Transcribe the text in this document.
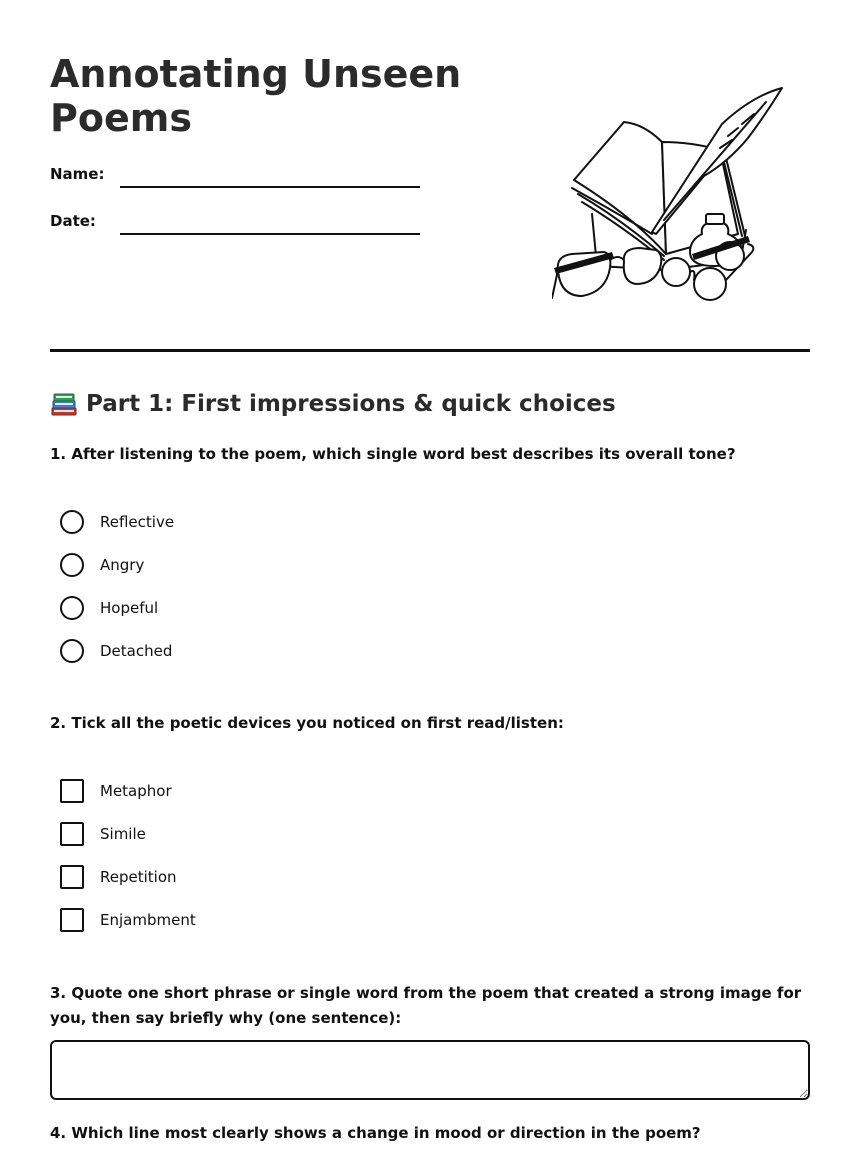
Annotating Unseen Poems
Name:
Date:
Part 1: First impressions & quick choices
1. After listening to the poem, which single word best describes its overall tone?
Reflective
Angry
Hopeful
Detached
2. Tick all the poetic devices you noticed on first read/listen:
Metaphor
Simile
Repetition
Enjambment
3. Quote one short phrase or single word from the poem that created a strong image for you, then say briefly why (one sentence):
4. Which line most clearly shows a change in mood or direction in the poem?
